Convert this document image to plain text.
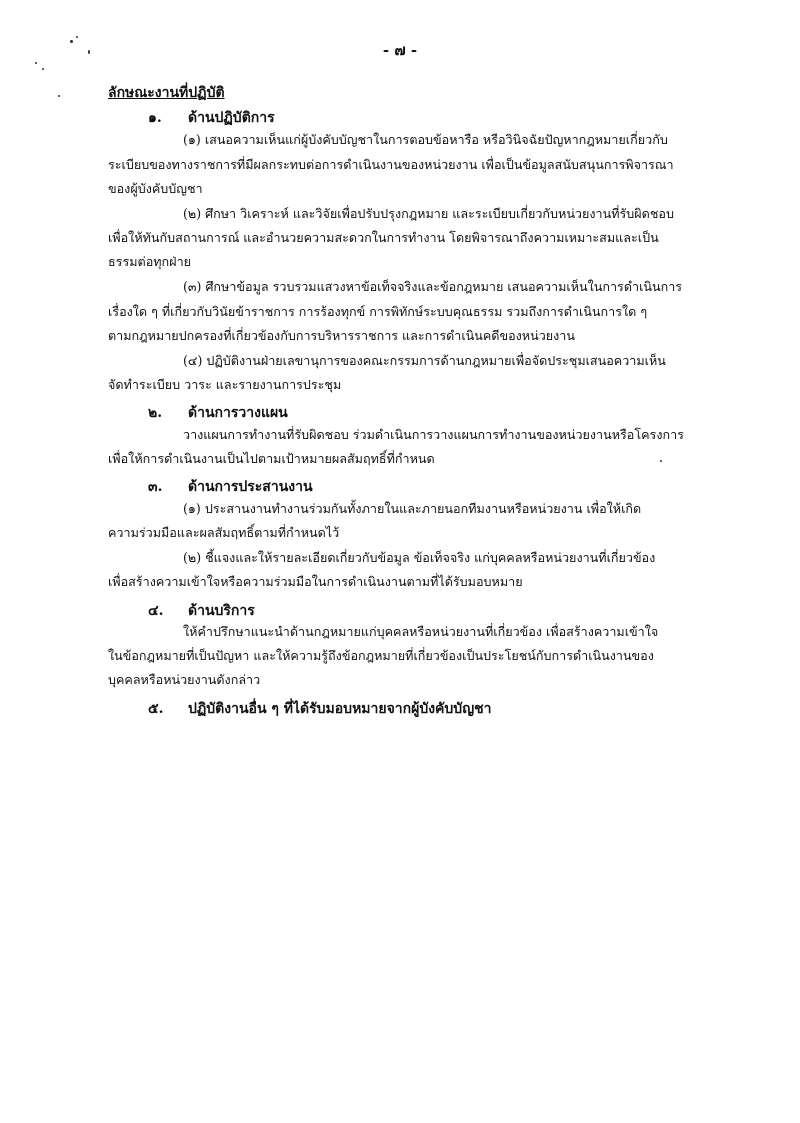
- ๗ -
ลักษณะงานที่ปฏิบัติ
๑. ด้านปฏิบัติการ
(๑) เสนอความเห็นแก่ผู้บังคับบัญชาในการตอบข้อหารือ หรือวินิจฉัยปัญหากฎหมายเกี่ยวกับ
ระเบียบของทางราชการที่มีผลกระทบต่อการดำเนินงานของหน่วยงาน เพื่อเป็นข้อมูลสนับสนุนการพิจารณา
ของผู้บังคับบัญชา
(๒) ศึกษา วิเคราะห์ และวิจัยเพื่อปรับปรุงกฎหมาย และระเบียบเกี่ยวกับหน่วยงานที่รับผิดชอบ
เพื่อให้ทันกับสถานการณ์ และอำนวยความสะดวกในการทำงาน โดยพิจารณาถึงความเหมาะสมและเป็น
ธรรมต่อทุกฝ่าย
(๓) ศึกษาข้อมูล รวบรวมแสวงหาข้อเท็จจริงและข้อกฎหมาย เสนอความเห็นในการดำเนินการ
เรื่องใด ๆ ที่เกี่ยวกับวินัยข้าราชการ การร้องทุกข์ การพิทักษ์ระบบคุณธรรม รวมถึงการดำเนินการใด ๆ
ตามกฎหมายปกครองที่เกี่ยวข้องกับการบริหารราชการ และการดำเนินคดีของหน่วยงาน
(๔) ปฏิบัติงานฝ่ายเลขานุการของคณะกรรมการด้านกฎหมายเพื่อจัดประชุมเสนอความเห็น
จัดทำระเบียบ วาระ และรายงานการประชุม
๒. ด้านการวางแผน
วางแผนการทำงานที่รับผิดชอบ ร่วมดำเนินการวางแผนการทำงานของหน่วยงานหรือโครงการ
เพื่อให้การดำเนินงานเป็นไปตามเป้าหมายผลสัมฤทธิ์ที่กำหนด
๓. ด้านการประสานงาน
(๑) ประสานงานทำงานร่วมกันทั้งภายในและภายนอกทีมงานหรือหน่วยงาน เพื่อให้เกิด
ความร่วมมือและผลสัมฤทธิ์ตามที่กำหนดไว้
(๒) ชี้แจงและให้รายละเอียดเกี่ยวกับข้อมูล ข้อเท็จจริง แก่บุคคลหรือหน่วยงานที่เกี่ยวข้อง
เพื่อสร้างความเข้าใจหรือความร่วมมือในการดำเนินงานตามที่ได้รับมอบหมาย
๔. ด้านบริการ
ให้คำปรึกษาแนะนำด้านกฎหมายแก่บุคคลหรือหน่วยงานที่เกี่ยวข้อง เพื่อสร้างความเข้าใจ
ในข้อกฎหมายที่เป็นปัญหา และให้ความรู้ถึงข้อกฎหมายที่เกี่ยวข้องเป็นประโยชน์กับการดำเนินงานของ
บุคคลหรือหน่วยงานดังกล่าว
๕. ปฏิบัติงานอื่น ๆ ที่ได้รับมอบหมายจากผู้บังคับบัญชา
